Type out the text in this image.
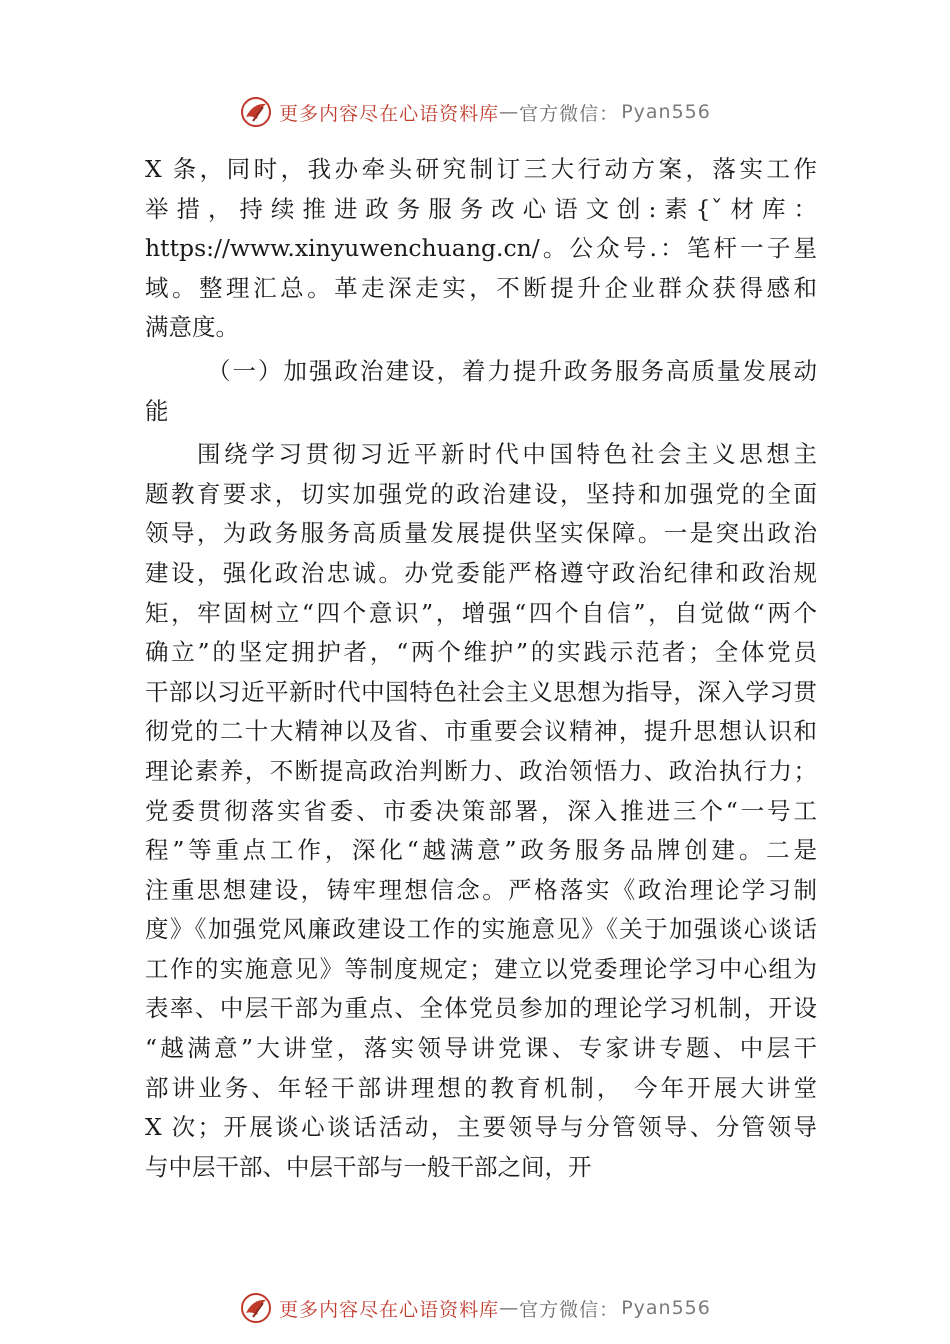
更多内容尽在心语资料库 — 官方微信： Pyan556
X 条，同时，我办牵头研究制订三大行动方案，落实工作
举 措 ， 持 续 推 进 政 务 服 务 改 心 语 文 创 : 素 {ˇ 材 库 ：
https://www.xinyuwenchuang.cn/。公众号.：笔杆一子星
域。整理汇总。革走深走实，不断提升企业群众获得感和
满意度。
（一）加强政治建设，着力提升政务服务高质量发展动
能
围绕学习贯彻习近平新时代中国特色社会主义思想主
题教育要求，切实加强党的政治建设，坚持和加强党的全面
领导，为政务服务高质量发展提供坚实保障。一是突出政治
建设，强化政治忠诚。办党委能严格遵守政治纪律和政治规
矩，牢固树立“四个意识”，增强“四个自信”，自觉做“两个
确立”的坚定拥护者，“两个维护”的实践示范者；全体党员
干部以习近平新时代中国特色社会主义思想为指导，深入学习贯
彻党的二十大精神以及省、市重要会议精神，提升思想认识和
理论素养，不断提高政治判断力、政治领悟力、政治执行力；
党委贯彻落实省委、市委决策部署，深入推进三个“一号工
程”等重点工作，深化“越满意”政务服务品牌创建。二是
注重思想建设，铸牢理想信念。严格落实《政治理论学习制
度》《加强党风廉政建设工作的实施意见》《关于加强谈心谈话
工作的实施意见》等制度规定；建立以党委理论学习中心组为
表率、中层干部为重点、全体党员参加的理论学习机制，开设
“越满意”大讲堂，落实领导讲党课、专家讲专题、中层干
部讲业务、年轻干部讲理想的教育机制， 今年开展大讲堂
X 次；开展谈心谈话活动，主要领导与分管领导、分管领导
与中层干部、中层干部与一般干部之间，开
更多内容尽在心语资料库 — 官方微信： Pyan556
